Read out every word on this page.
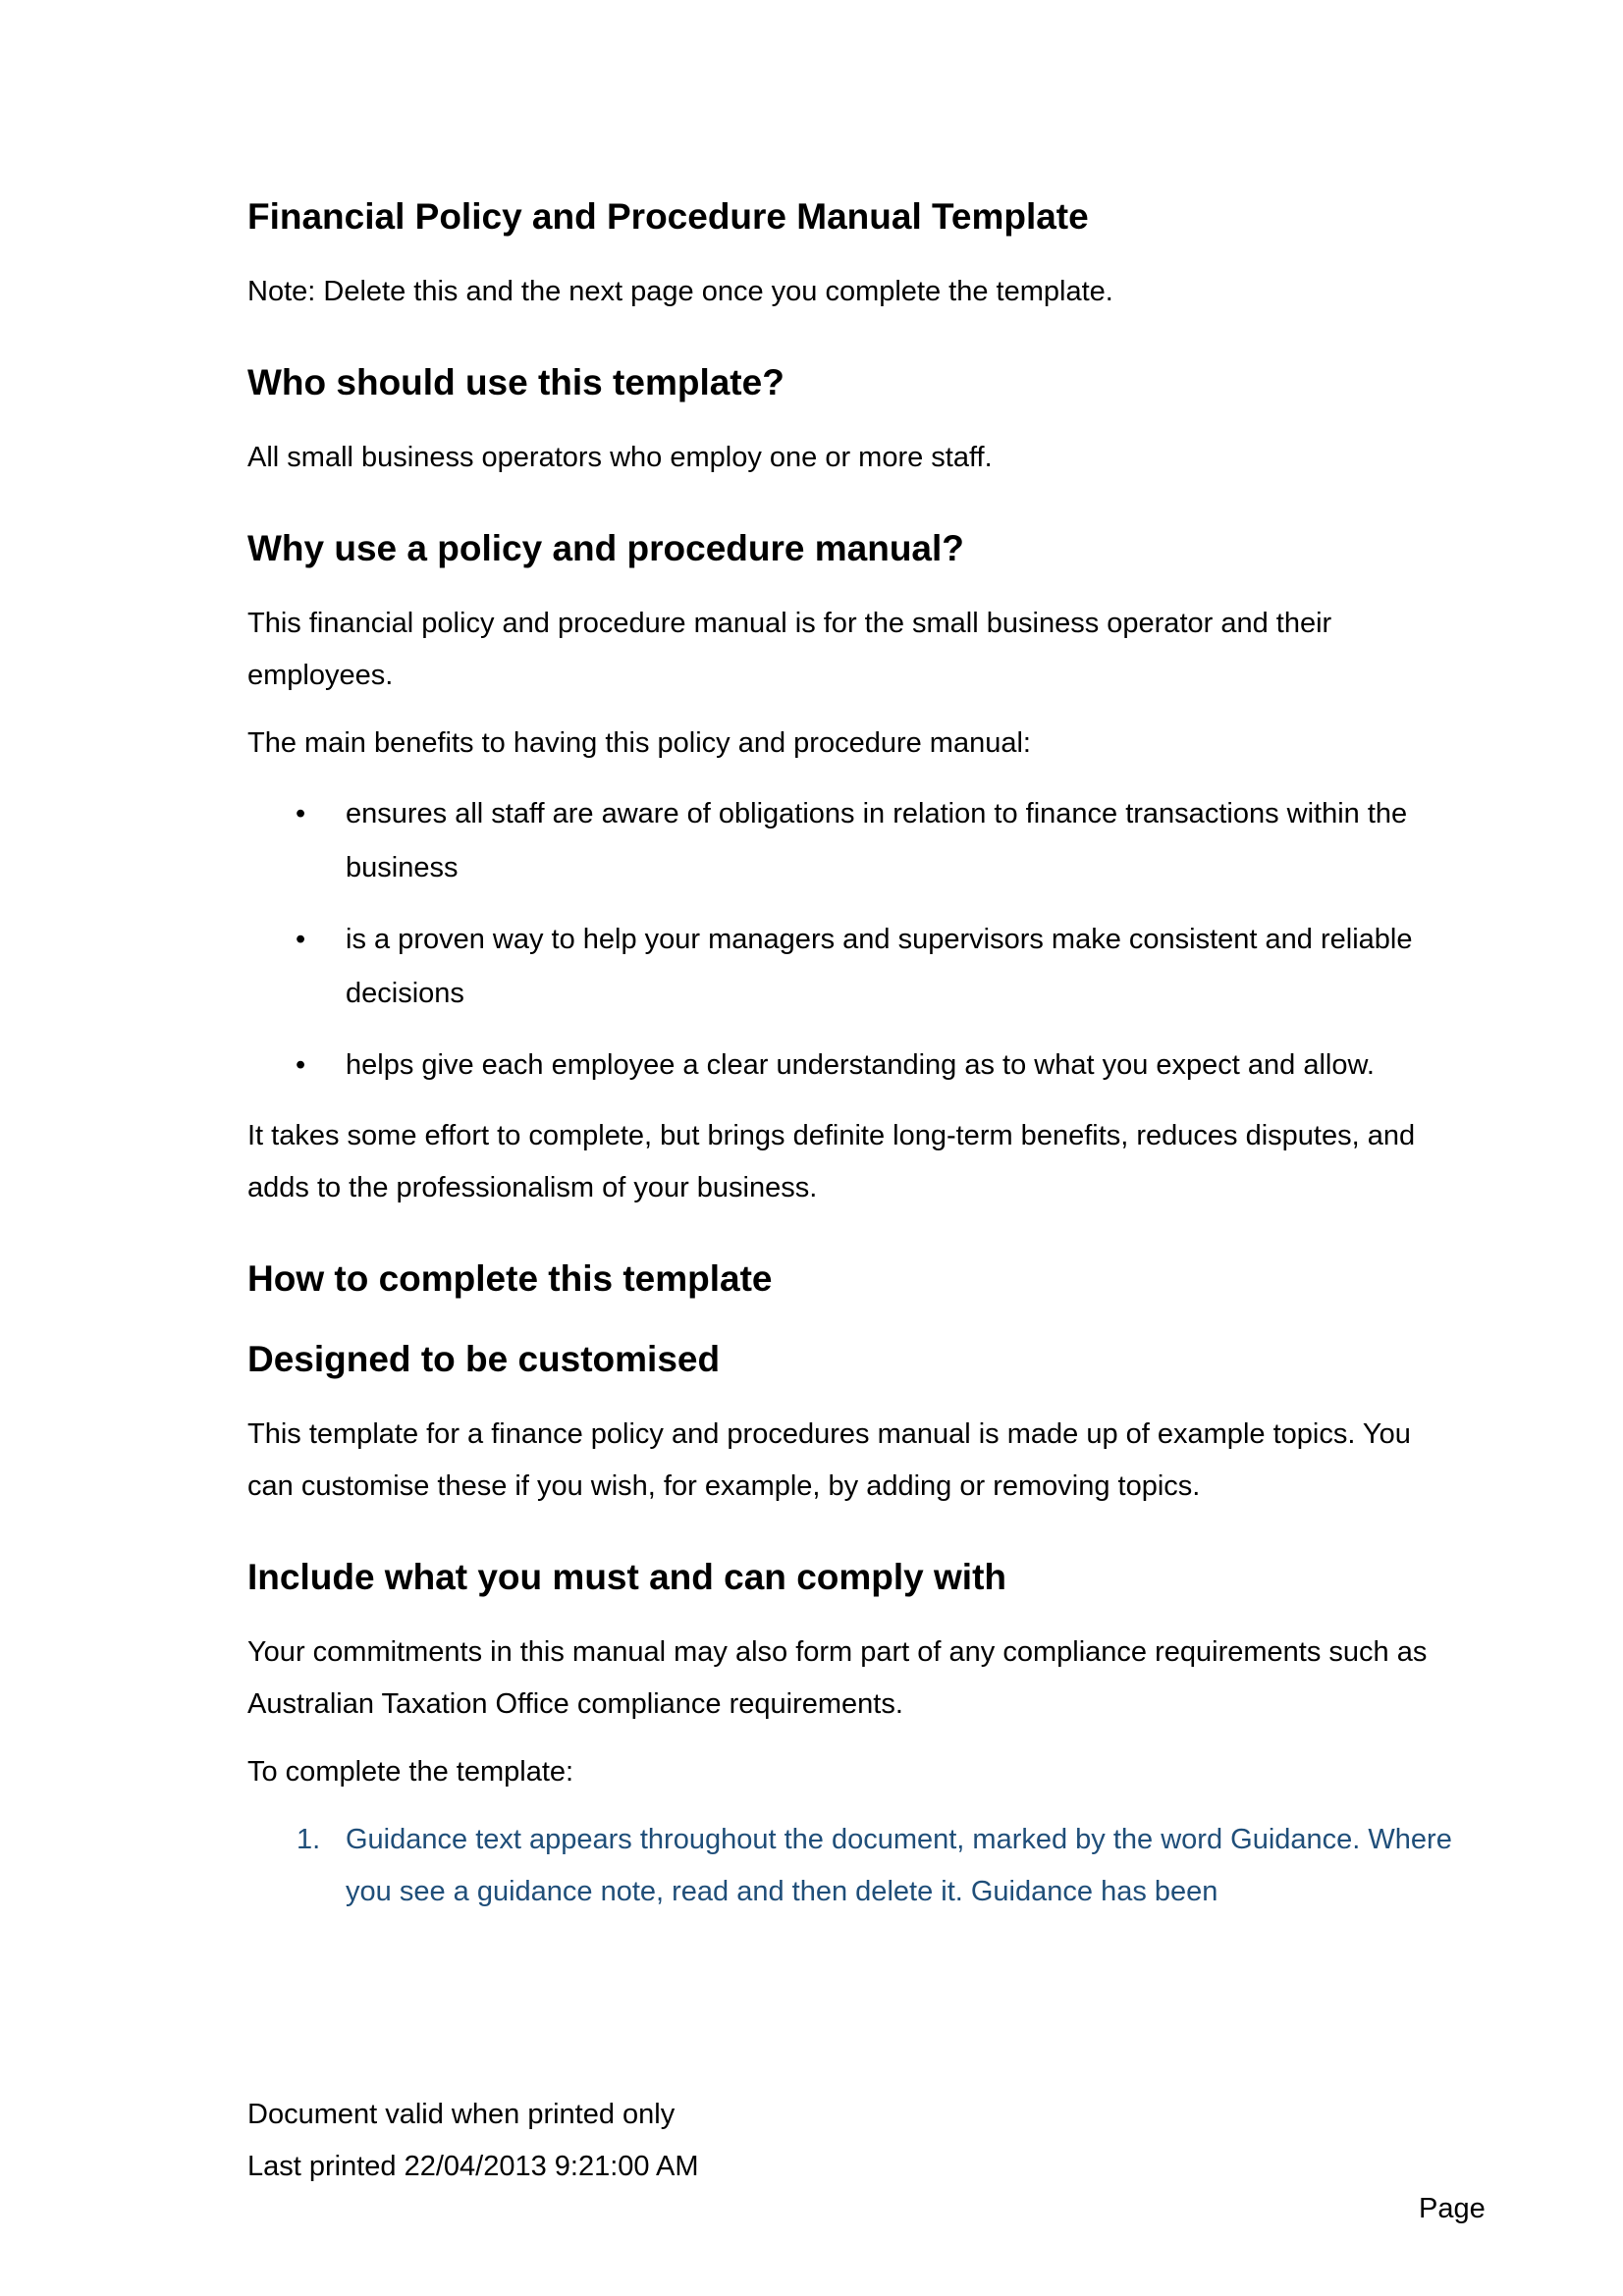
Financial Policy and Procedure Manual Template

Note: Delete this and the next page once you complete the template.

Who should use this template?

All small business operators who employ one or more staff.

Why use a policy and procedure manual?

This financial policy and procedure manual is for the small business operator and their employees.

The main benefits to having this policy and procedure manual:

• ensures all staff are aware of obligations in relation to finance transactions within the business
• is a proven way to help your managers and supervisors make consistent and reliable decisions
• helps give each employee a clear understanding as to what you expect and allow.

It takes some effort to complete, but brings definite long-term benefits, reduces disputes, and adds to the professionalism of your business.

How to complete this template
Designed to be customised

This template for a finance policy and procedures manual is made up of example topics. You can customise these if you wish, for example, by adding or removing topics.

Include what you must and can comply with

Your commitments in this manual may also form part of any compliance requirements such as Australian Taxation Office compliance requirements.

To complete the template:

1. Guidance text appears throughout the document, marked by the word Guidance. Where you see a guidance note, read and then delete it. Guidance has been
Document valid when printed only
Last printed 22/04/2013 9:21:00 AM
Page
